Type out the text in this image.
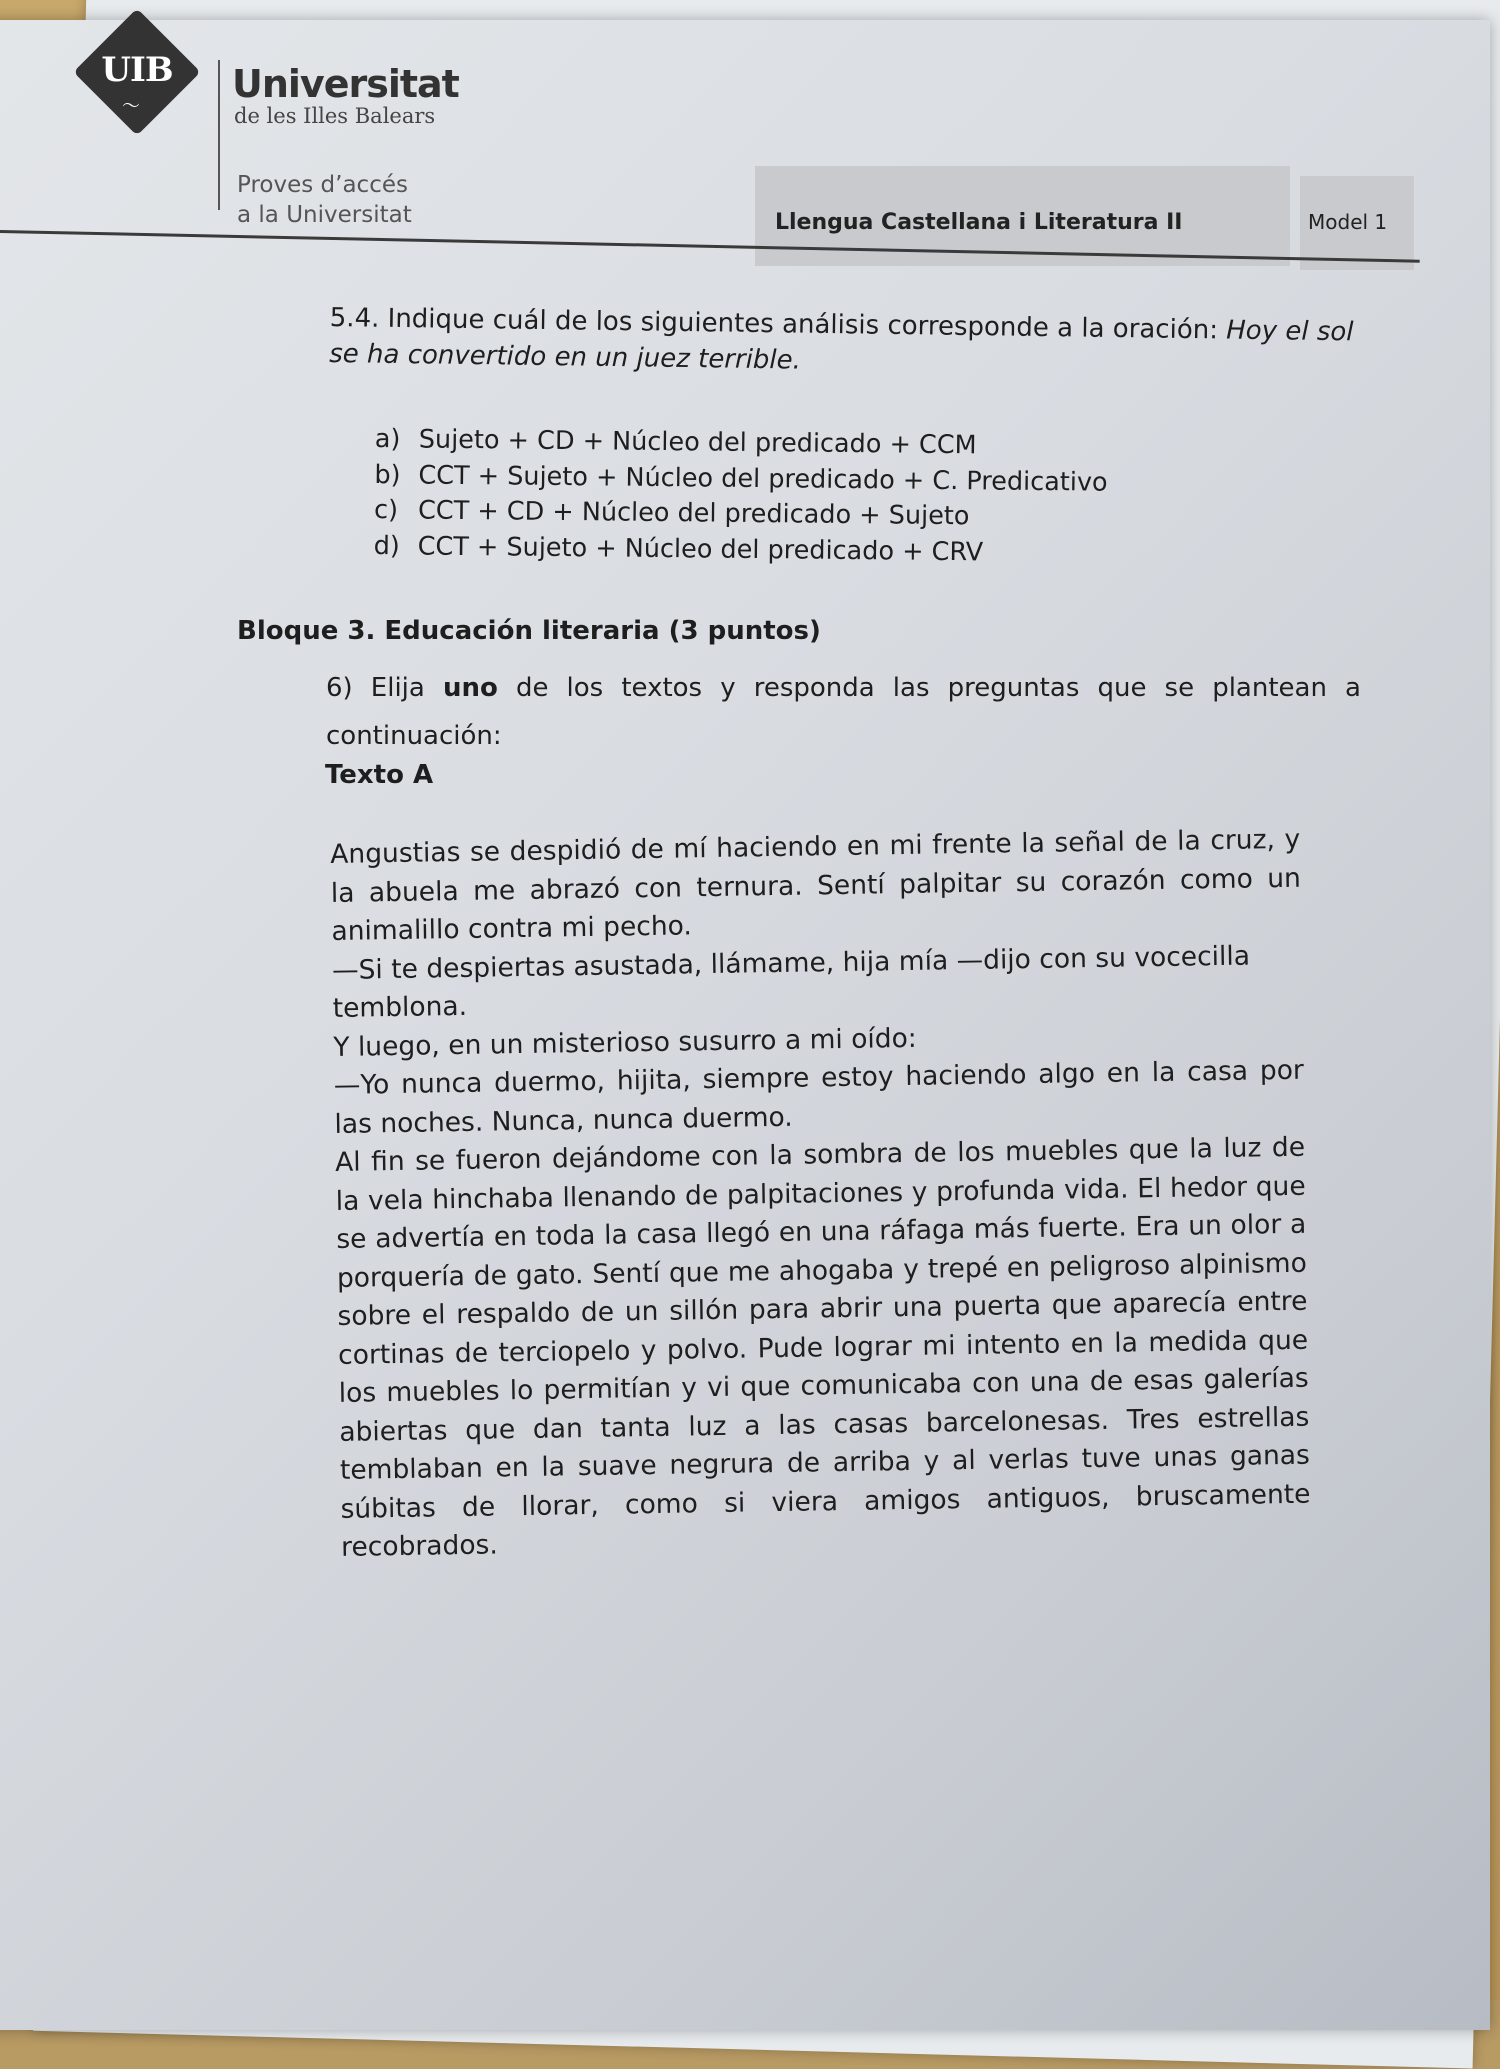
UIB
〜
Universitat
de les Illes Balears
Proves d’accés
a la Universitat	Llengua Castellana i Literatura II	Model 1
5.4. Indique cuál de los siguientes análisis corresponde a la oración: Hoy el sol se ha convertido en un juez terrible.
a) Sujeto + CD + Núcleo del predicado + CCM
b) CCT + Sujeto + Núcleo del predicado + C. Predicativo
c) CCT + CD + Núcleo del predicado + Sujeto
d) CCT + Sujeto + Núcleo del predicado + CRV
Bloque 3. Educación literaria (3 puntos)
6) Elija uno de los textos y responda las preguntas que se plantean a continuación:
Texto A

Angustias se despidió de mí haciendo en mi frente la señal de la cruz, y la abuela me abrazó con ternura. Sentí palpitar su corazón como un animalillo contra mi pecho.

—Si te despiertas asustada, llámame, hija mía —dijo con su vocecilla temblona.

Y luego, en un misterioso susurro a mi oído:

—Yo nunca duermo, hijita, siempre estoy haciendo algo en la casa por las noches. Nunca, nunca duermo.

Al fin se fueron dejándome con la sombra de los muebles que la luz de la vela hinchaba llenando de palpitaciones y profunda vida. El hedor que se advertía en toda la casa llegó en una ráfaga más fuerte. Era un olor a porquería de gato. Sentí que me ahogaba y trepé en peligroso alpinismo sobre el respaldo de un sillón para abrir una puerta que aparecía entre cortinas de terciopelo y polvo. Pude lograr mi intento en la medida que los muebles lo permitían y vi que comunicaba con una de esas galerías abiertas que dan tanta luz a las casas barcelonesas. Tres estrellas temblaban en la suave negrura de arriba y al verlas tuve unas ganas súbitas de llorar, como si viera amigos antiguos, bruscamente recobrados.
